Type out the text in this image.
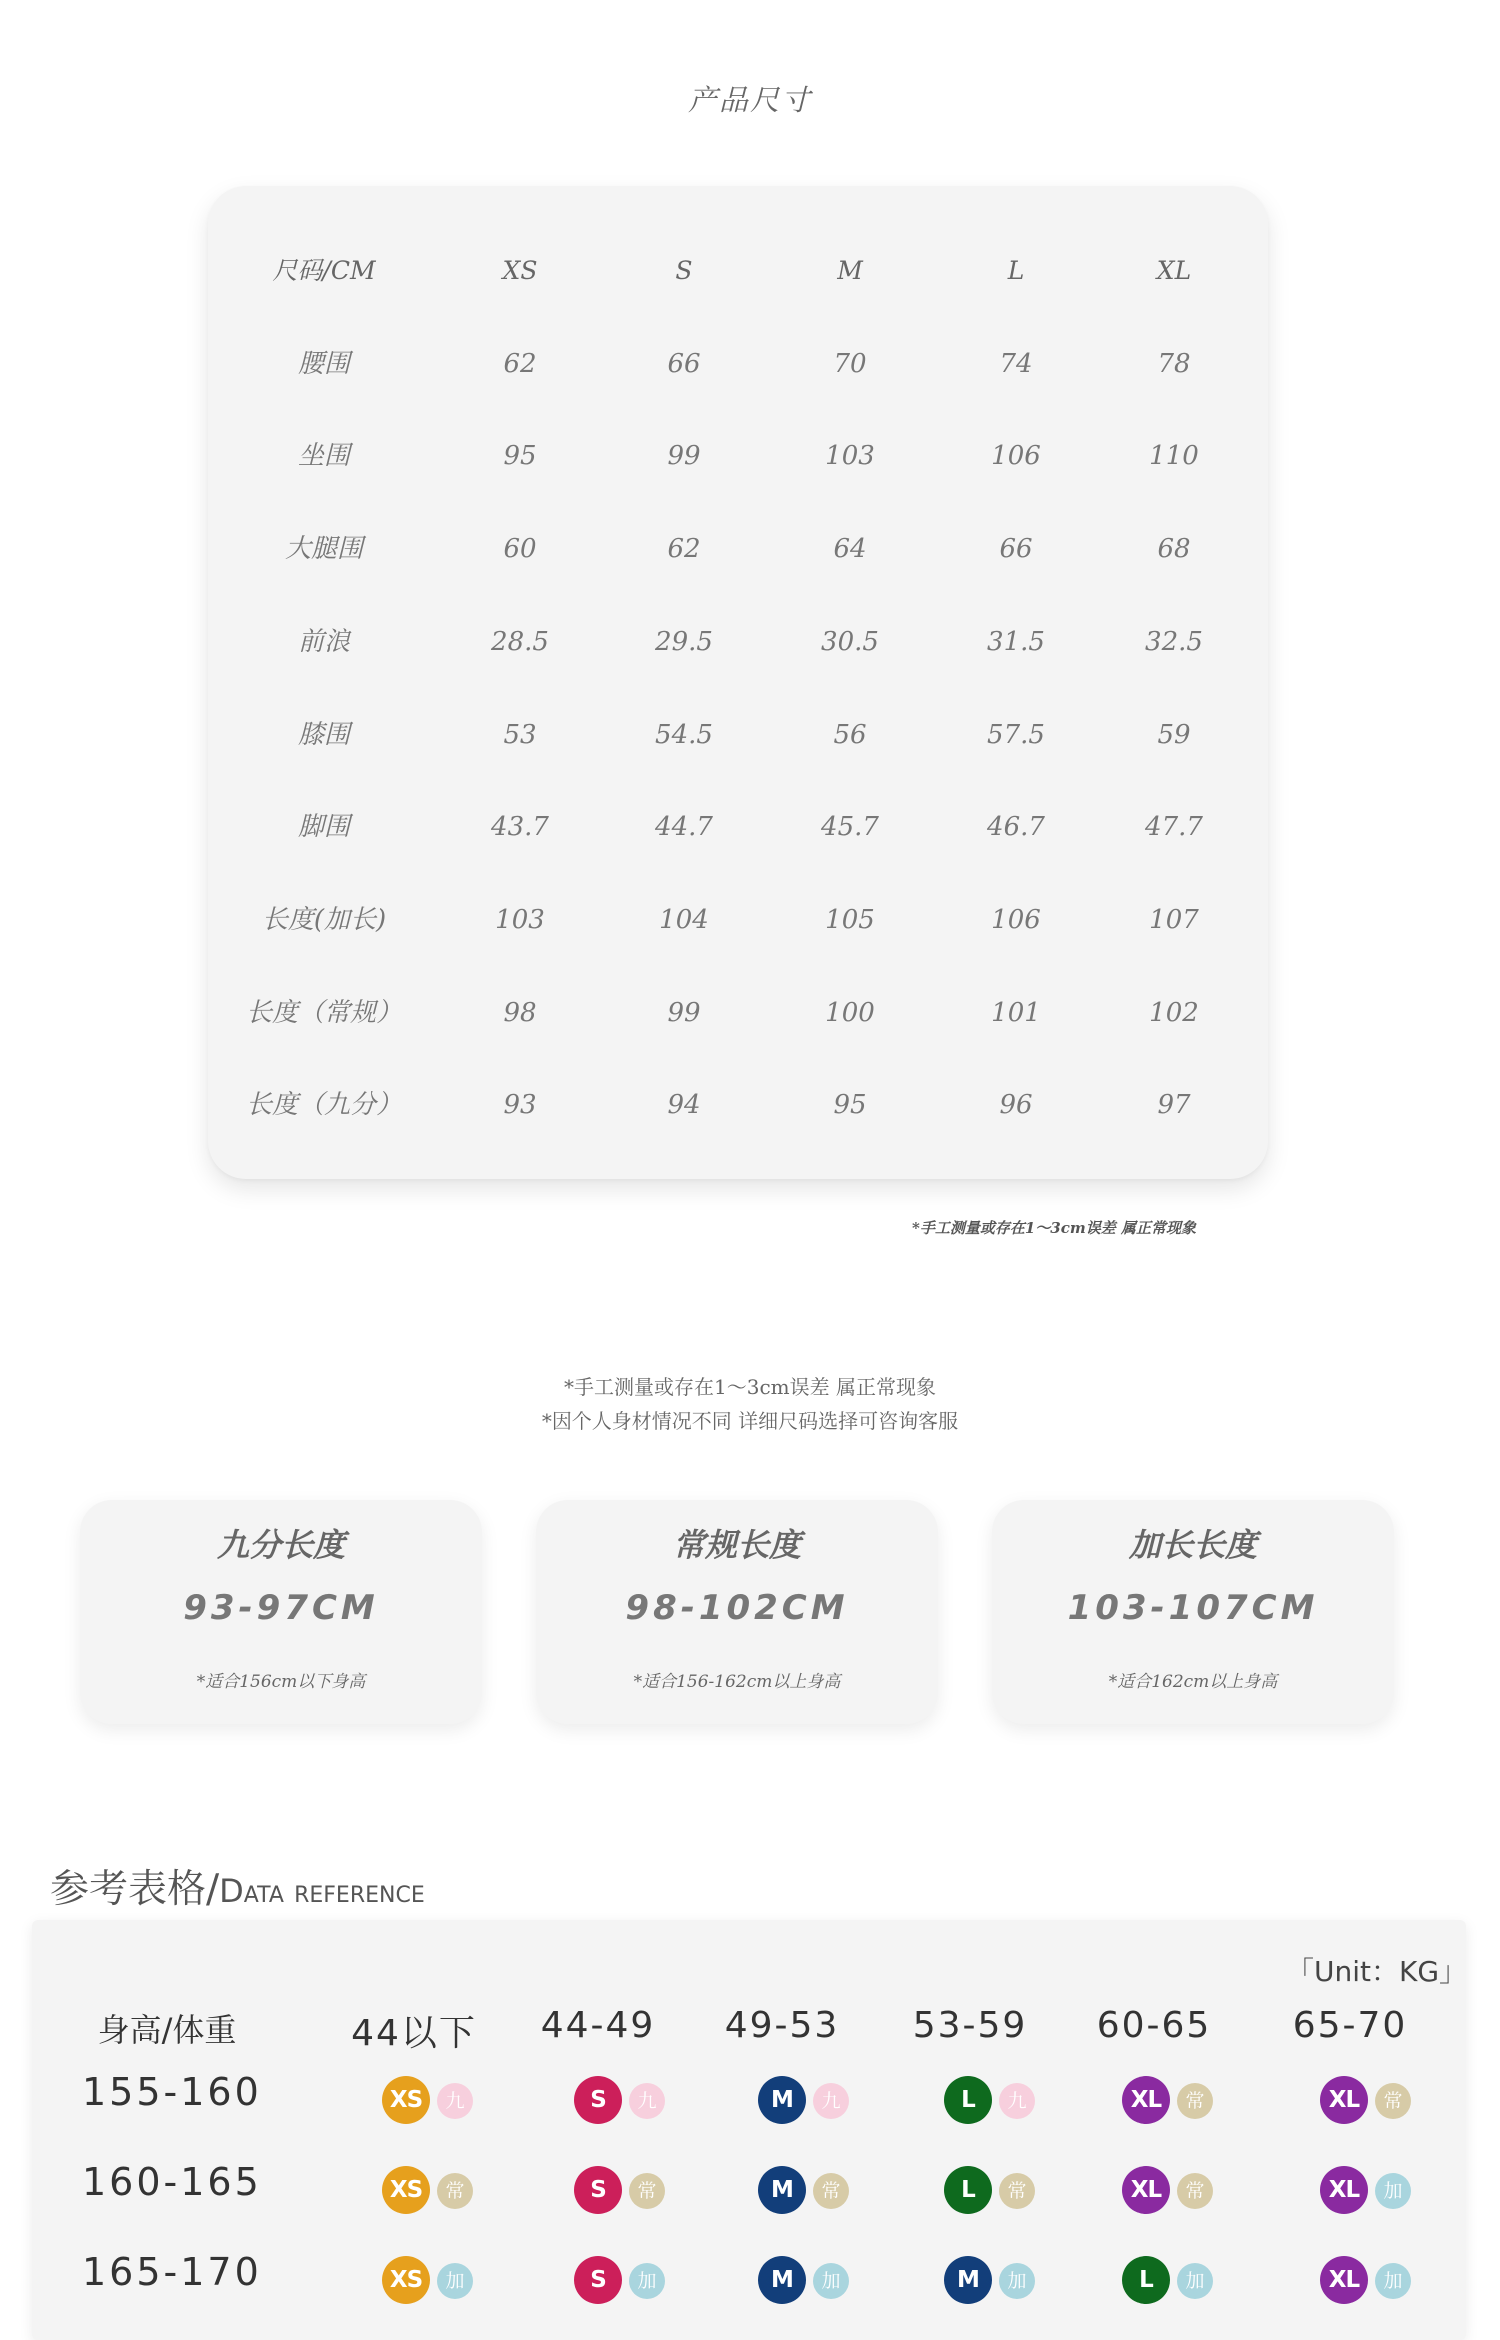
产品尺寸
尺码/CM	XS	S	M	L	XL
腰围	62	66	70	74	78
坐围	95	99	103	106	110
大腿围	60	62	64	66	68
前浪	28.5	29.5	30.5	31.5	32.5
膝围	53	54.5	56	57.5	59
脚围	43.7	44.7	45.7	46.7	47.7
长度(加长)	103	104	105	106	107
长度（常规）	98	99	100	101	102
长度（九分）	93	94	95	96	97
*手工测量或存在1～3cm误差 属正常现象
*手工测量或存在1～3cm误差 属正常现象
*因个人身材情况不同 详细尺码选择可咨询客服
九分长度
93-97CM
*适合156cm以下身高
常规长度
98-102CM
*适合156-162cm以上身高
加长长度
103-107CM
*适合162cm以上身高
参考表格/Data reference
「Unit：KG」
身高/体重	44以下 44-49 49-53 53-59 60-65 65-70
155-160	XS	九	S	九	M	九	L	九	XL	常	XL	常
160-165	XS	常	S	常	M	常	L	常	XL	常	XL	加
165-170	XS	加	S	加	M	加	M	加	L	加	XL	加
